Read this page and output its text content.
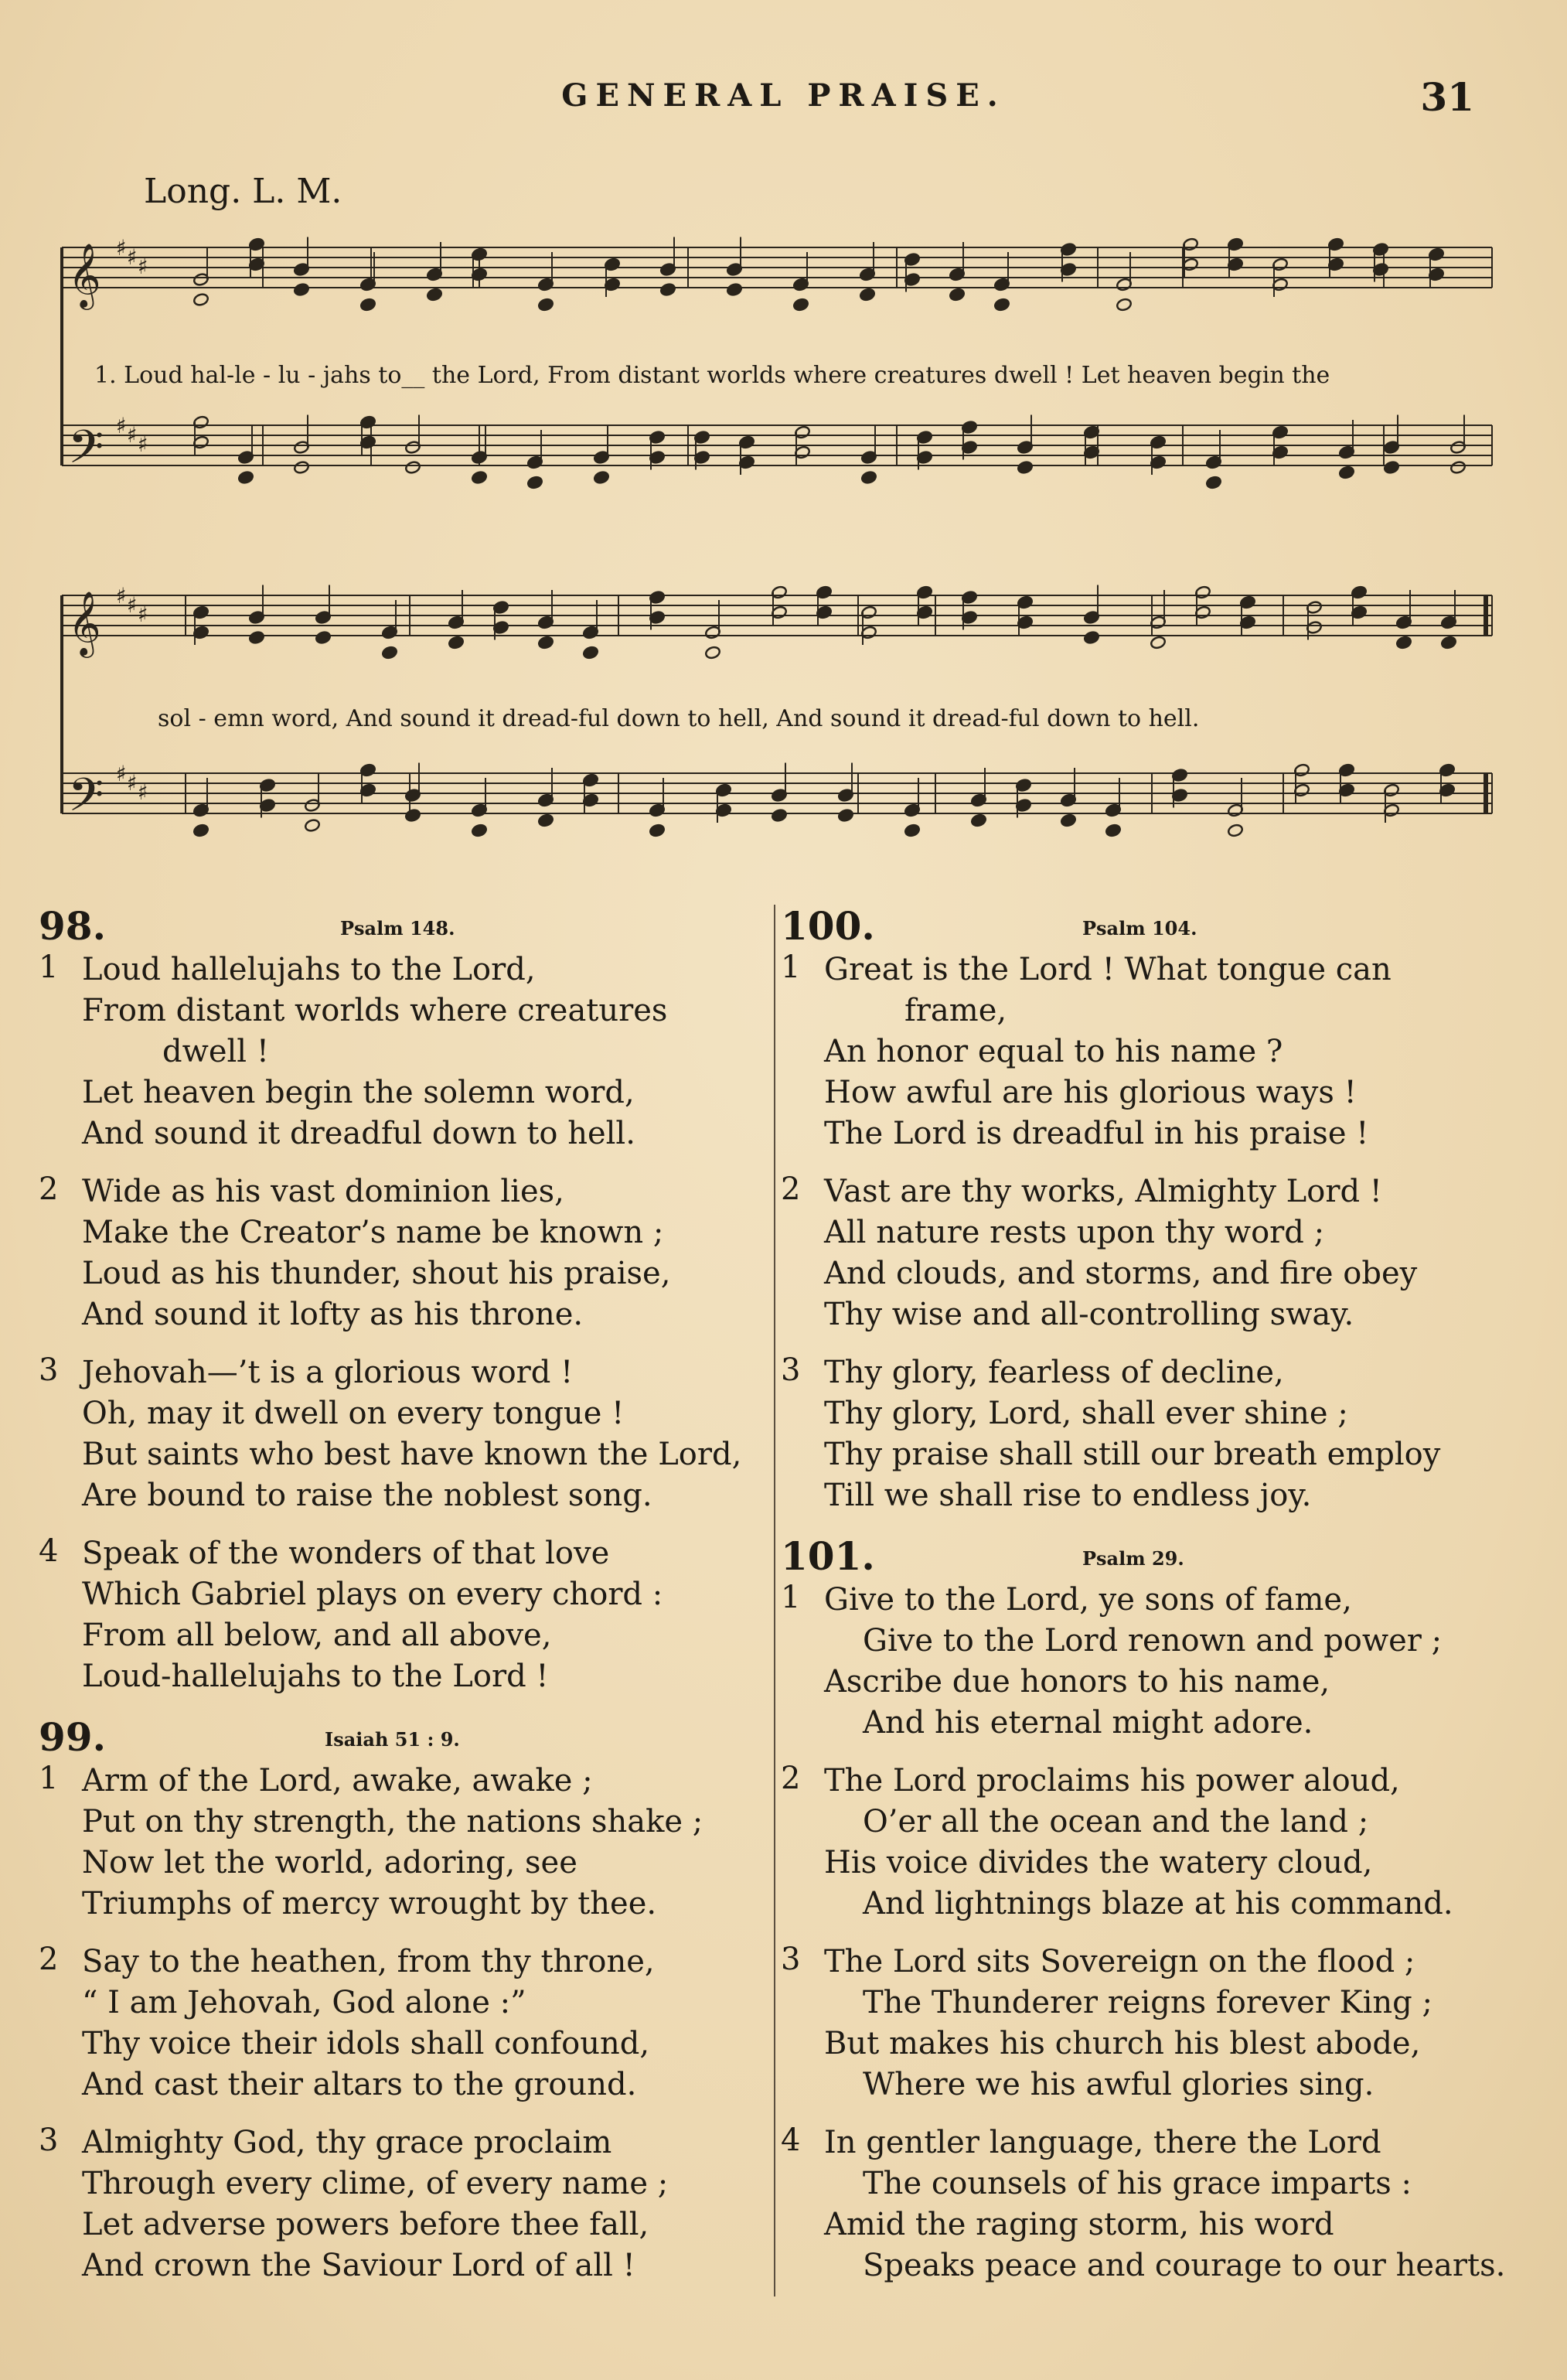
GENERAL PRAISE.	31
Long. L. M.
𝄞 ♯ ♯ ♯
𝄢 ♯ ♯ ♯
𝄞 ♯ ♯ ♯
𝄢 ♯ ♯ ♯
1. Loud hal-le - lu - jahs to__ the Lord, From distant worlds where creatures dwell ! Let heaven begin the
sol - emn word, And sound it dread-ful down to hell, And sound it dread-ful down to hell.
98.	Psalm 148.
1 Loud hallelujahs to the Lord,
From distant worlds where creatures
dwell !
Let heaven begin the solemn word,
And sound it dreadful down to hell.
2 Wide as his vast dominion lies,
Make the Creator’s name be known ;
Loud as his thunder, shout his praise,
And sound it lofty as his throne.
3 Jehovah—’t is a glorious word !
Oh, may it dwell on every tongue !
But saints who best have known the Lord,
Are bound to raise the noblest song.
4 Speak of the wonders of that love
Which Gabriel plays on every chord :
From all below, and all above,
Loud-hallelujahs to the Lord !
99.	Isaiah 51 : 9.
1 Arm of the Lord, awake, awake ;
Put on thy strength, the nations shake ;
Now let the world, adoring, see
Triumphs of mercy wrought by thee.
2 Say to the heathen, from thy throne,
“ I am Jehovah, God alone :”
Thy voice their idols shall confound,
And cast their altars to the ground.
3 Almighty God, thy grace proclaim
Through every clime, of every name ;
Let adverse powers before thee fall,
And crown the Saviour Lord of all !
100.	Psalm 104.
1 Great is the Lord ! What tongue can
frame,
An honor equal to his name ?
How awful are his glorious ways !
The Lord is dreadful in his praise !
2 Vast are thy works, Almighty Lord !
All nature rests upon thy word ;
And clouds, and storms, and fire obey
Thy wise and all-controlling sway.
3 Thy glory, fearless of decline,
Thy glory, Lord, shall ever shine ;
Thy praise shall still our breath employ
Till we shall rise to endless joy.
101.	Psalm 29.
1 Give to the Lord, ye sons of fame,
Give to the Lord renown and power ;
Ascribe due honors to his name,
And his eternal might adore.
2 The Lord proclaims his power aloud,
O’er all the ocean and the land ;
His voice divides the watery cloud,
And lightnings blaze at his command.
3 The Lord sits Sovereign on the flood ;
The Thunderer reigns forever King ;
But makes his church his blest abode,
Where we his awful glories sing.
4 In gentler language, there the Lord
The counsels of his grace imparts :
Amid the raging storm, his word
Speaks peace and courage to our hearts.
